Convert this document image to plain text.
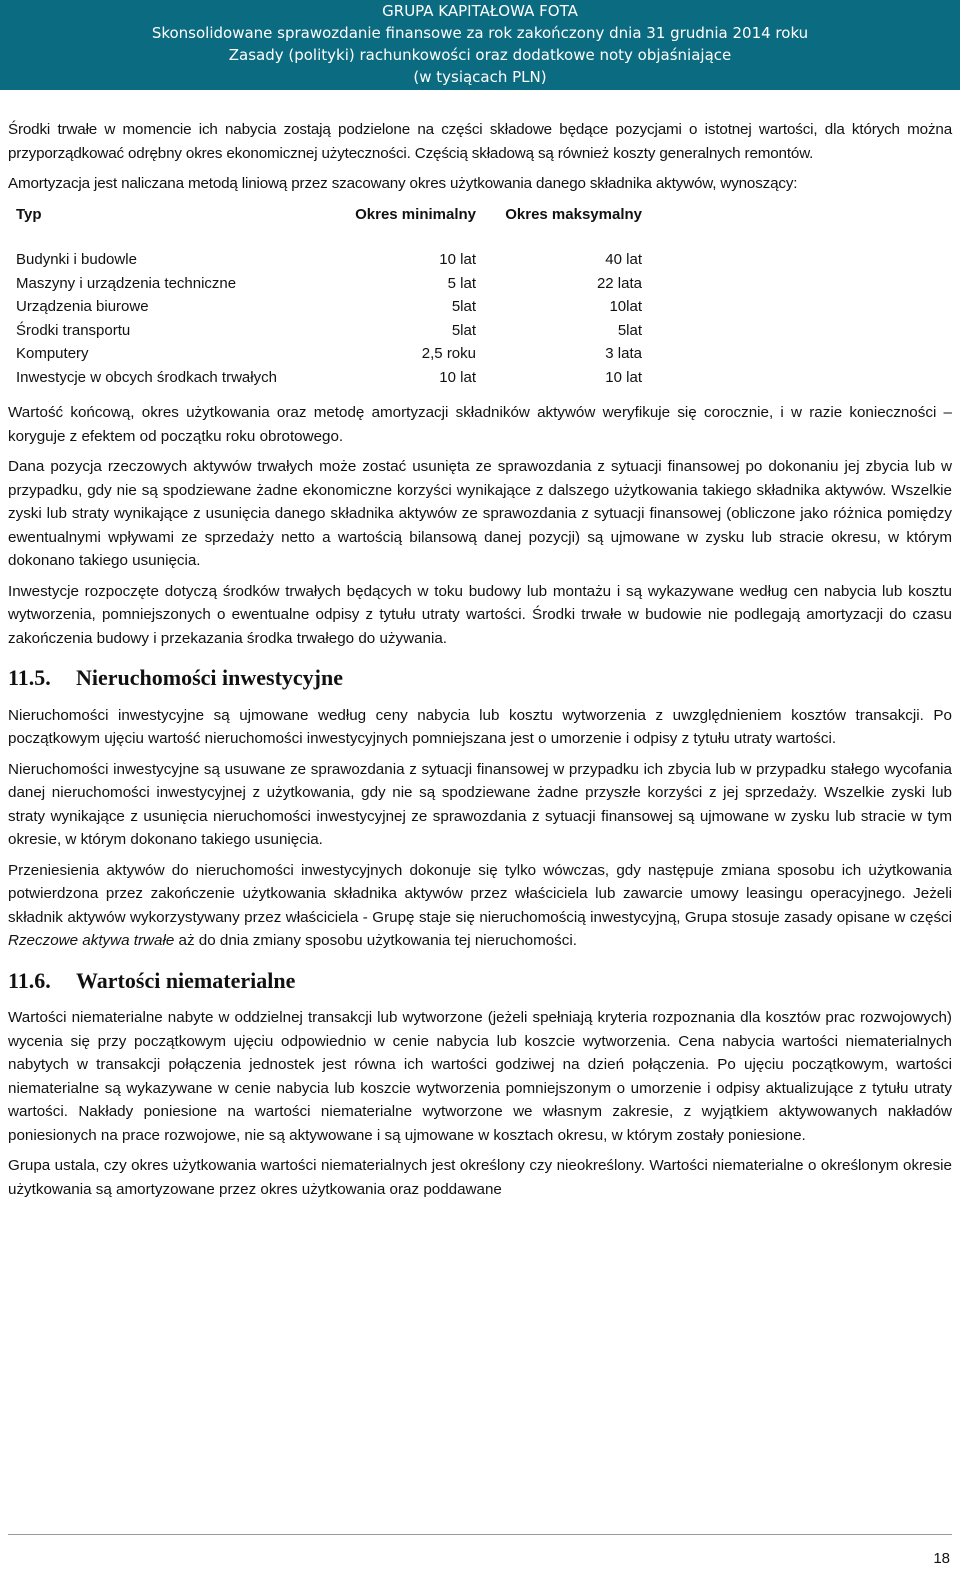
GRUPA KAPITAŁOWA FOTA
Skonsolidowane sprawozdanie finansowe za rok zakończony dnia 31 grudnia 2014 roku
Zasady (polityki) rachunkowości oraz dodatkowe noty objaśniające
(w tysiącach PLN)

Środki trwałe w momencie ich nabycia zostają podzielone na części składowe będące pozycjami o istotnej wartości, dla których można przyporządkować odrębny okres ekonomicznej użyteczności. Częścią składową są również koszty generalnych remontów.

Amortyzacja jest naliczana metodą liniową przez szacowany okres użytkowania danego składnika aktywów, wynoszący:

Typ	Okres minimalny	Okres maksymalny
Budynki i budowle	10 lat	40 lat
Maszyny i urządzenia techniczne	5 lat	22 lata
Urządzenia biurowe	5lat	10lat
Środki transportu	5lat	5lat
Komputery	2,5 roku	3 lata
Inwestycje w obcych środkach trwałych	10 lat	10 lat

Wartość końcową, okres użytkowania oraz metodę amortyzacji składników aktywów weryfikuje się corocznie, i w razie konieczności – koryguje z efektem od początku roku obrotowego.

Dana pozycja rzeczowych aktywów trwałych może zostać usunięta ze sprawozdania z sytuacji finansowej po dokonaniu jej zbycia lub w przypadku, gdy nie są spodziewane żadne ekonomiczne korzyści wynikające z dalszego użytkowania takiego składnika aktywów. Wszelkie zyski lub straty wynikające z usunięcia danego składnika aktywów ze sprawozdania z sytuacji finansowej (obliczone jako różnica pomiędzy ewentualnymi wpływami ze sprzedaży netto a wartością bilansową danej pozycji) są ujmowane w zysku lub stracie okresu, w którym dokonano takiego usunięcia.

Inwestycje rozpoczęte dotyczą środków trwałych będących w toku budowy lub montażu i są wykazywane według cen nabycia lub kosztu wytworzenia, pomniejszonych o ewentualne odpisy z tytułu utraty wartości. Środki trwałe w budowie nie podlegają amortyzacji do czasu zakończenia budowy i przekazania środka trwałego do używania.

11.5. Nieruchomości inwestycyjne

Nieruchomości inwestycyjne są ujmowane według ceny nabycia lub kosztu wytworzenia z uwzględnieniem kosztów transakcji. Po początkowym ujęciu wartość nieruchomości inwestycyjnych pomniejszana jest o umorzenie i odpisy z tytułu utraty wartości.

Nieruchomości inwestycyjne są usuwane ze sprawozdania z sytuacji finansowej w przypadku ich zbycia lub w przypadku stałego wycofania danej nieruchomości inwestycyjnej z użytkowania, gdy nie są spodziewane żadne przyszłe korzyści z jej sprzedaży. Wszelkie zyski lub straty wynikające z usunięcia nieruchomości inwestycyjnej ze sprawozdania z sytuacji finansowej są ujmowane w zysku lub stracie w tym okresie, w którym dokonano takiego usunięcia.

Przeniesienia aktywów do nieruchomości inwestycyjnych dokonuje się tylko wówczas, gdy następuje zmiana sposobu ich użytkowania potwierdzona przez zakończenie użytkowania składnika aktywów przez właściciela lub zawarcie umowy leasingu operacyjnego. Jeżeli składnik aktywów wykorzystywany przez właściciela - Grupę staje się nieruchomością inwestycyjną, Grupa stosuje zasady opisane w części Rzeczowe aktywa trwałe aż do dnia zmiany sposobu użytkowania tej nieruchomości.

11.6. Wartości niematerialne

Wartości niematerialne nabyte w oddzielnej transakcji lub wytworzone (jeżeli spełniają kryteria rozpoznania dla kosztów prac rozwojowych) wycenia się przy początkowym ujęciu odpowiednio w cenie nabycia lub koszcie wytworzenia. Cena nabycia wartości niematerialnych nabytych w transakcji połączenia jednostek jest równa ich wartości godziwej na dzień połączenia. Po ujęciu początkowym, wartości niematerialne są wykazywane w cenie nabycia lub koszcie wytworzenia pomniejszonym o umorzenie i odpisy aktualizujące z tytułu utraty wartości. Nakłady poniesione na wartości niematerialne wytworzone we własnym zakresie, z wyjątkiem aktywowanych nakładów poniesionych na prace rozwojowe, nie są aktywowane i są ujmowane w kosztach okresu, w którym zostały poniesione.

Grupa ustala, czy okres użytkowania wartości niematerialnych jest określony czy nieokreślony. Wartości niematerialne o określonym okresie użytkowania są amortyzowane przez okres użytkowania oraz poddawane

18
